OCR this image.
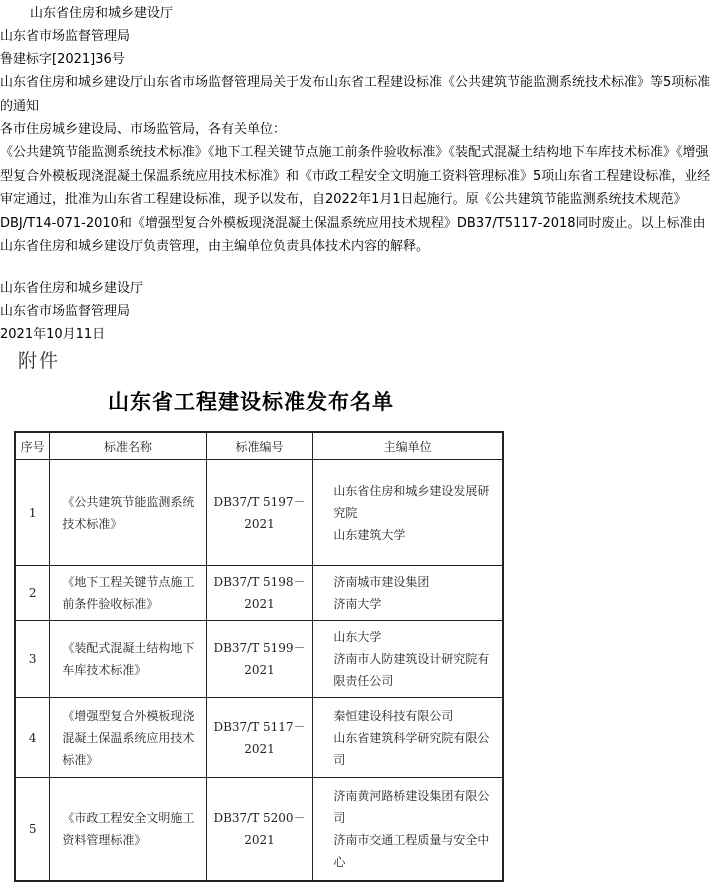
山东省住房和城乡建设厅
山东省市场监督管理局
鲁建标字[2021]36号
山东省住房和城乡建设厅山东省市场监督管理局关于发布山东省工程建设标准《公共建筑节能监测系统技术标准》等5项标准的通知
各市住房城乡建设局、市场监管局，各有关单位：
《公共建筑节能监测系统技术标准》《地下工程关键节点施工前条件验收标准》《装配式混凝土结构地下车库技术标准》《增强型复合外模板现浇混凝土保温系统应用技术标准》和《市政工程安全文明施工资料管理标准》5项山东省工程建设标准，业经审定通过，批准为山东省工程建设标准，现予以发布，自2022年1月1日起施行。原《公共建筑节能监测系统技术规范》DBJ/T14-071-2010和《增强型复合外模板现浇混凝土保温系统应用技术规程》DB37/T5117-2018同时废止。以上标准由山东省住房和城乡建设厅负责管理，由主编单位负责具体技术内容的解释。
山东省住房和城乡建设厅
山东省市场监督管理局
2021年10月11日
附件
山东省工程建设标准发布名单
序号	标准名称	标准编号	主编单位
1	《公共建筑节能监测系统技术标准》	DB37/T 5197－2021	山东省住房和城乡建设发展研究院
山东建筑大学

2	《地下工程关键节点施工前条件验收标准》	DB37/T 5198－2021	济南城市建设集团
济南大学

3	《装配式混凝土结构地下车库技术标准》	DB37/T 5199－2021	山东大学
济南市人防建筑设计研究院有限责任公司

4	《增强型复合外模板现浇混凝土保温系统应用技术标准》	DB37/T 5117－2021	秦恒建设科技有限公司
山东省建筑科学研究院有限公司

5	《市政工程安全文明施工资料管理标准》	DB37/T 5200－2021	济南黄河路桥建设集团有限公司
济南市交通工程质量与安全中心
